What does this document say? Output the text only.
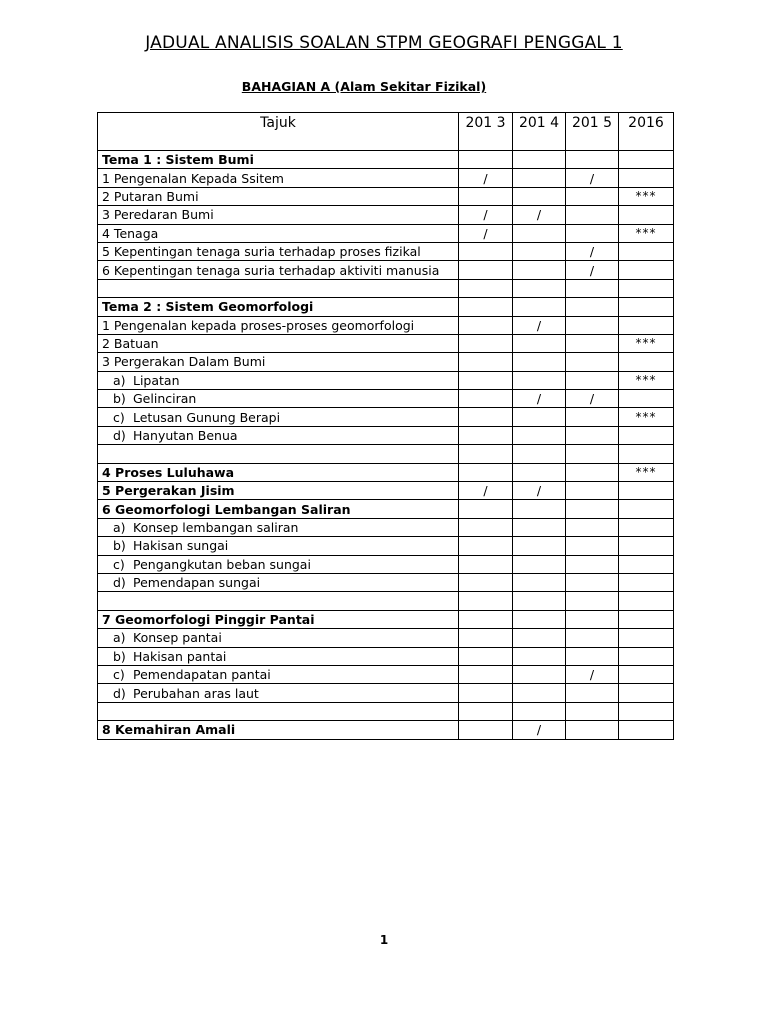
JADUAL ANALISIS SOALAN STPM GEOGRAFI PENGGAL 1
BAHAGIAN A (Alam Sekitar Fizikal)
Tajuk	201 3	201 4	201 5	2016
Tema 1 : Sistem Bumi				
1 Pengenalan Kepada Ssitem	/		/	
2 Putaran Bumi				***
3 Peredaran Bumi	/	/		
4 Tenaga	/			***
5 Kepentingan tenaga suria terhadap proses fizikal			/	
6 Kepentingan tenaga suria terhadap aktiviti manusia			/	

Tema 2 : Sistem Geomorfologi				
1 Pengenalan kepada proses-proses geomorfologi		/		
2 Batuan				***
3 Pergerakan Dalam Bumi				
a) Lipatan				***
b) Gelinciran		/	/	
c) Letusan Gunung Berapi				***
d) Hanyutan Benua				

4 Proses Luluhawa				***
5 Pergerakan Jisim	/	/		
6 Geomorfologi Lembangan Saliran				
a) Konsep lembangan saliran				
b) Hakisan sungai				
c) Pengangkutan beban sungai				
d) Pemendapan sungai				

7 Geomorfologi Pinggir Pantai				
a) Konsep pantai				
b) Hakisan pantai				
c) Pemendapatan pantai			/	
d) Perubahan aras laut				

8 Kemahiran Amali		/		
1
